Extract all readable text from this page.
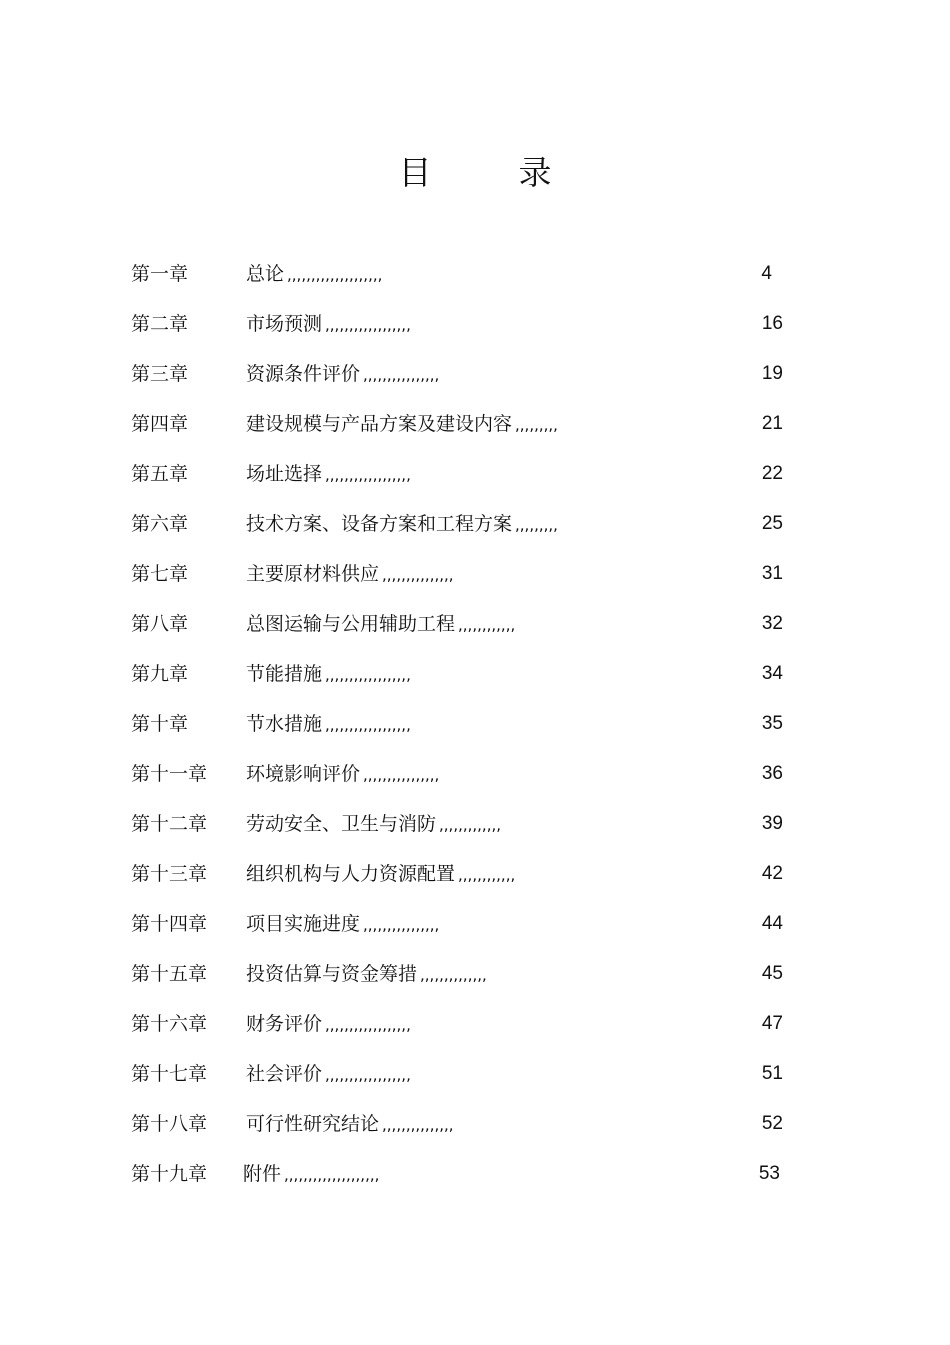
目	录
第一章	总论 ,,,,,,,,,,,,,,,,,,,,	4
第二章	市场预测 ,,,,,,,,,,,,,,,,,,	16
第三章	资源条件评价 ,,,,,,,,,,,,,,,,	19
第四章	建设规模与产品方案及建设内容 ,,,,,,,,,	21
第五章	场址选择 ,,,,,,,,,,,,,,,,,,	22
第六章	技术方案、设备方案和工程方案 ,,,,,,,,,	25
第七章	主要原材料供应 ,,,,,,,,,,,,,,,	31
第八章	总图运输与公用辅助工程 ,,,,,,,,,,,,	32
第九章	节能措施 ,,,,,,,,,,,,,,,,,,	34
第十章	节水措施 ,,,,,,,,,,,,,,,,,,	35
第十一章 环境影响评价 ,,,,,,,,,,,,,,,,	36
第十二章 劳动安全、卫生与消防 ,,,,,,,,,,,,,	39
第十三章 组织机构与人力资源配置 ,,,,,,,,,,,,	42
第十四章 项目实施进度 ,,,,,,,,,,,,,,,,	44
第十五章 投资估算与资金筹措 ,,,,,,,,,,,,,,	45
第十六章 财务评价 ,,,,,,,,,,,,,,,,,,	47
第十七章 社会评价 ,,,,,,,,,,,,,,,,,,	51
第十八章 可行性研究结论 ,,,,,,,,,,,,,,,	52
第十九章 附件 ,,,,,,,,,,,,,,,,,,,,	53
